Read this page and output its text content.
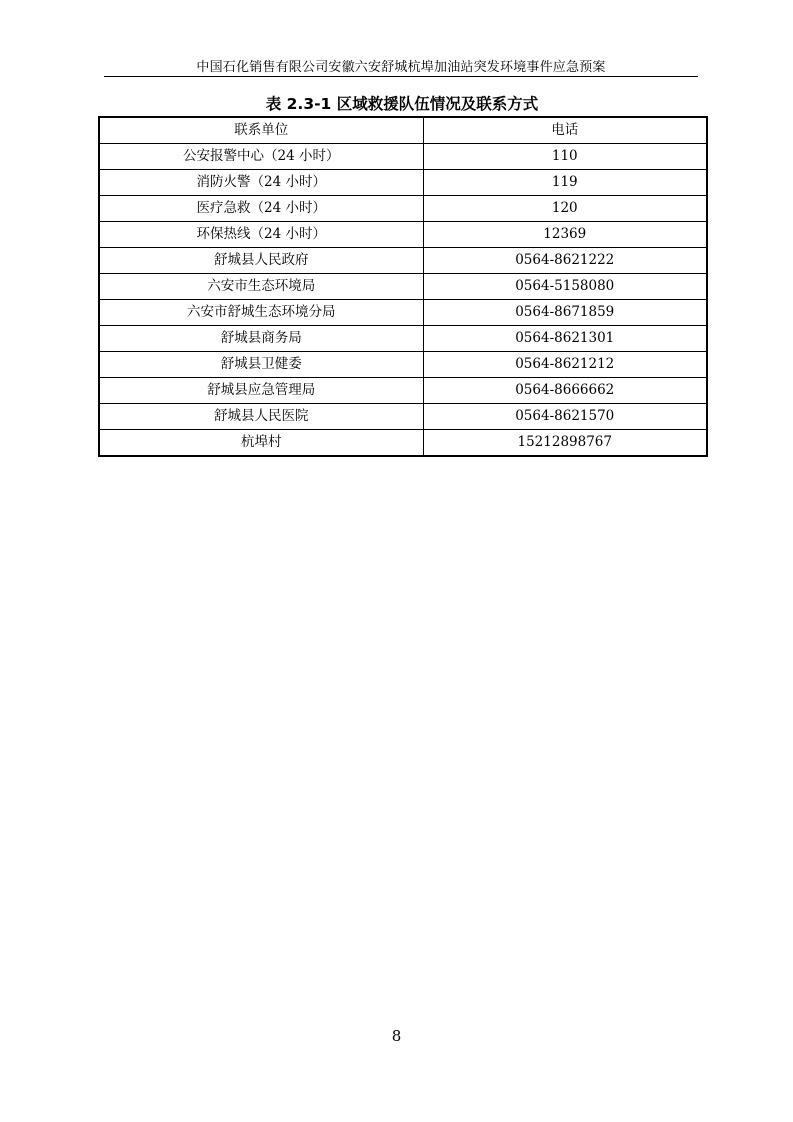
中国石化销售有限公司安徽六安舒城杭埠加油站突发环境事件应急预案
表 2.3-1 区域救援队伍情况及联系方式
联系单位	电话
公安报警中心（24 小时）	110
消防火警（24 小时）	119
医疗急救（24 小时）	120
环保热线（24 小时）	12369
舒城县人民政府	0564-8621222
六安市生态环境局	0564-5158080
六安市舒城生态环境分局	0564-8671859
舒城县商务局	0564-8621301
舒城县卫健委	0564-8621212
舒城县应急管理局	0564-8666662
舒城县人民医院	0564-8621570
杭埠村	15212898767
8
